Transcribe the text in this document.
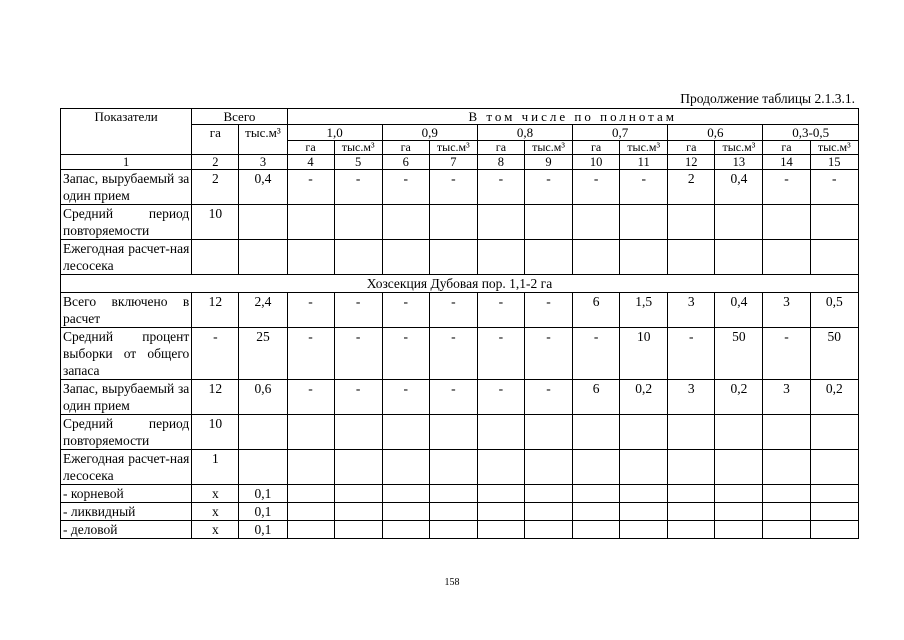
Продолжение таблицы 2.1.3.1.
Показатели	Всего		В том числе по полнотам											
	га	тыс.м³	1,0		0,9		0,8		0,7		0,6		0,3-0,5	
			га	тыс.м³	га	тыс.м³	га	тыс.м³	га	тыс.м³	га	тыс.м³	га	тыс.м³
1	2	3	4	5	6	7	8	9	10	11	12	13	14	15
Запас, вырубаемый за один прием	2	0,4	-	-	-	-	-	-	-	-	2	0,4	-	-
Средний период повторяемости	10													
Ежегодная расчет-ная лесосека														
Хозсекция Дубовая пор. 1,1-2 га														
Всего включено в расчет	12	2,4	-	-	-	-	-	-	6	1,5	3	0,4	3	0,5
Средний процент выборки от общего запаса	-	25	-	-	-	-	-	-	-	10	-	50	-	50
Запас, вырубаемый за один прием	12	0,6	-	-	-	-	-	-	6	0,2	3	0,2	3	0,2
Средний период повторяемости	10													
Ежегодная расчет-ная лесосека	1													
- корневой	х	0,1												
- ликвидный	х	0,1												
- деловой	х	0,1												
158
